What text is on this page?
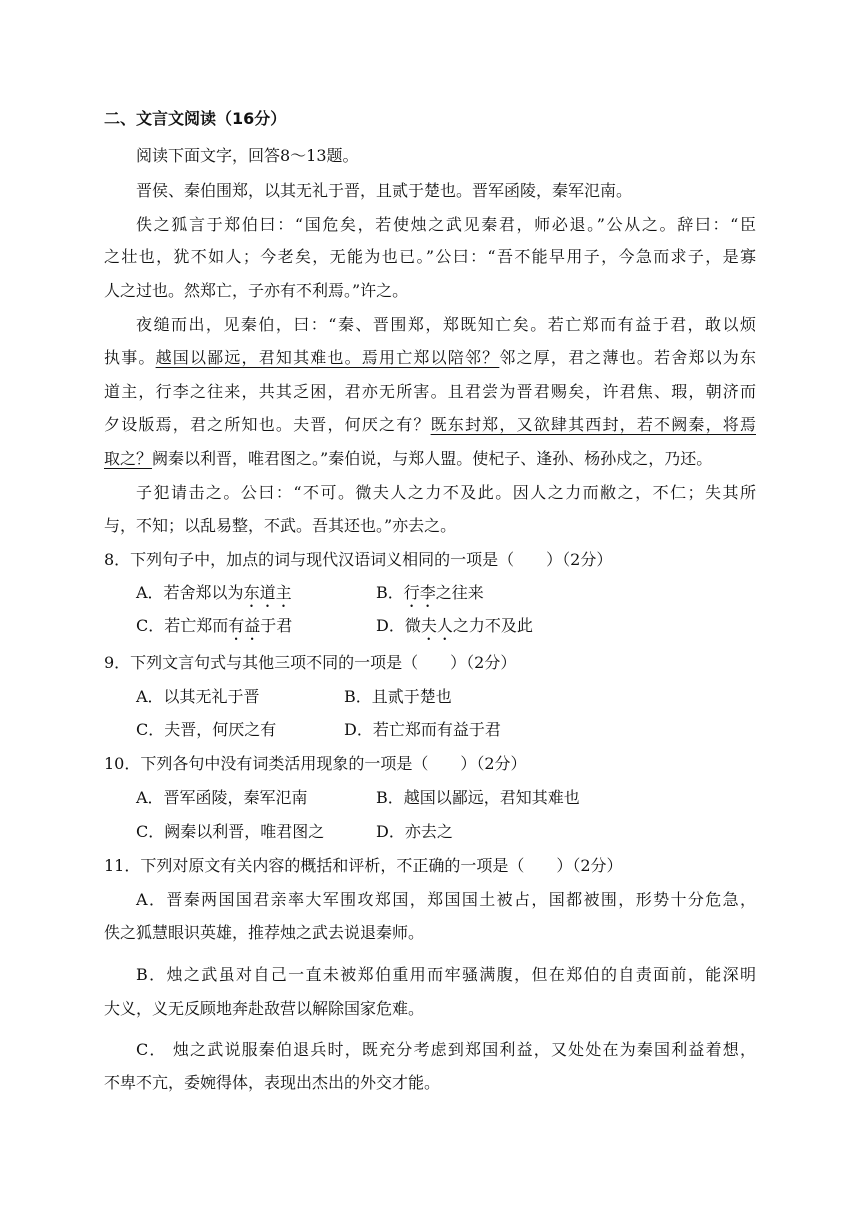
二、文言文阅读（16分）
阅读下面文字，回答8～13题。
晋侯、秦伯围郑，以其无礼于晋，且贰于楚也。晋军函陵，秦军氾南。
佚之狐言于郑伯曰：“国危矣，若使烛之武见秦君，师必退。”公从之。辞曰：“臣
之壮也，犹不如人；今老矣，无能为也已。”公曰：“吾不能早用子，今急而求子，是寡
人之过也。然郑亡，子亦有不利焉。”许之。
夜缒而出，见秦伯，曰：“秦、晋围郑，郑既知亡矣。若亡郑而有益于君，敢以烦
执事。越国以鄙远，君知其难也。焉用亡郑以陪邻？邻之厚，君之薄也。若舍郑以为东
道主，行李之往来，共其乏困，君亦无所害。且君尝为晋君赐矣，许君焦、瑕，朝济而
夕设版焉，君之所知也。夫晋，何厌之有？既东封郑，又欲肆其西封，若不阙秦，将焉
取之？阙秦以利晋，唯君图之。”秦伯说，与郑人盟。使杞子、逢孙、杨孙戍之，乃还。
子犯请击之。公曰：“不可。微夫人之力不及此。因人之力而敝之，不仁；失其所
与，不知；以乱易整，不武。吾其还也。”亦去之。
8．下列句子中，加点的词与现代汉语词义相同的一项是（　　）（2分）
A．若舍郑以为东道主	B．行李之往来
C．若亡郑而有益于君	D．微夫人之力不及此
9．下列文言句式与其他三项不同的一项是（　　）（2分）
A．以其无礼于晋	B．且贰于楚也
C．夫晋，何厌之有	D．若亡郑而有益于君
10．下列各句中没有词类活用现象的一项是（　　）（2分）
A．晋军函陵，秦军氾南	B．越国以鄙远，君知其难也
C．阙秦以利晋，唯君图之	D．亦去之
11．下列对原文有关内容的概括和评析，不正确的一项是（　　）（2分）
A．晋秦两国国君亲率大军围攻郑国，郑国国土被占，国都被围，形势十分危急，
佚之狐慧眼识英雄，推荐烛之武去说退秦师。
B．烛之武虽对自己一直未被郑伯重用而牢骚满腹，但在郑伯的自责面前，能深明
大义，义无反顾地奔赴敌营以解除国家危难。
C． 烛之武说服秦伯退兵时，既充分考虑到郑国利益，又处处在为秦国利益着想，
不卑不亢，委婉得体，表现出杰出的外交才能。
